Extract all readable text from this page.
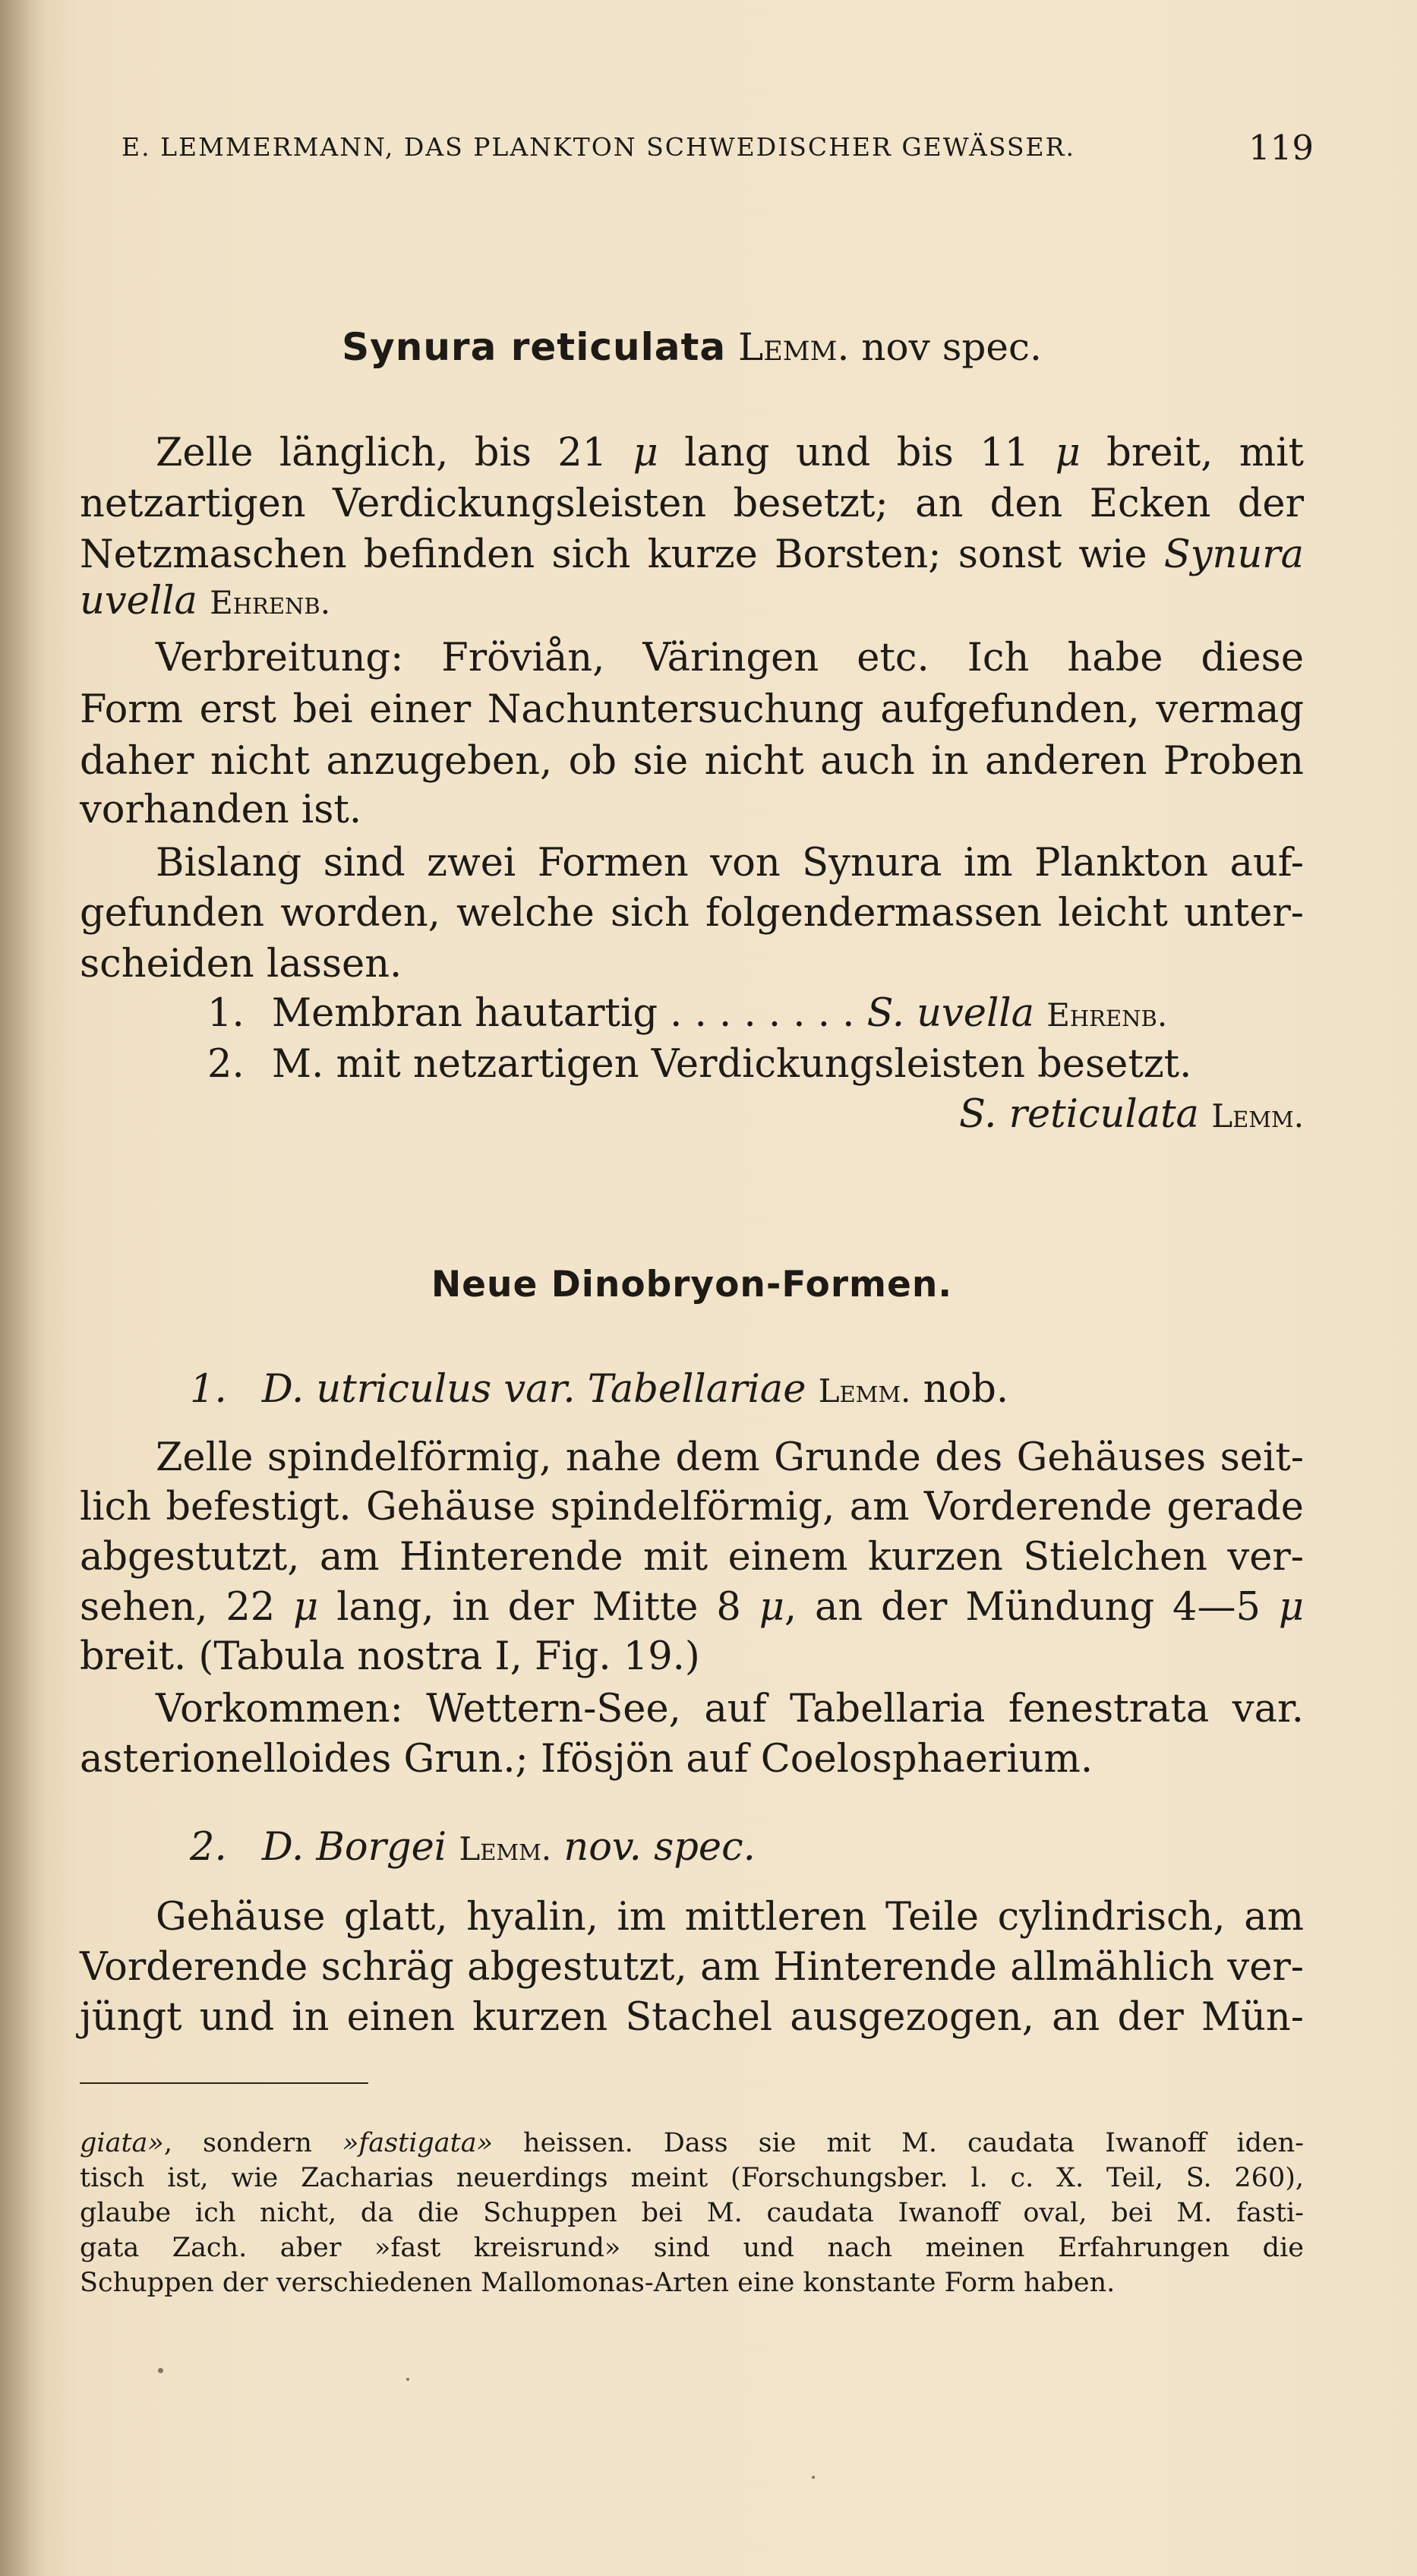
E. LEMMERMANN, DAS PLANKTON SCHWEDISCHER GEWÄSSER.	119
Synura reticulata Lemm. nov spec.
Zelle länglich, bis 21 μ lang und bis 11 μ breit, mit
netzartigen Verdickungsleisten besetzt; an den Ecken der
Netzmaschen befinden sich kurze Borsten; sonst wie Synura
uvella Ehrenb.
Verbreitung: Fröviån, Väringen etc. Ich habe diese
Form erst bei einer Nachuntersuchung aufgefunden, vermag
daher nicht anzugeben, ob sie nicht auch in anderen Proben
vorhanden ist.
Bislang sind zwei Formen von Synura im Plankton auf-
gefunden worden, welche sich folgendermassen leicht unter-
scheiden lassen.
1. Membran hautartig . . . . . . . . S. uvella Ehrenb.
2. M. mit netzartigen Verdickungsleisten besetzt.
S. reticulata Lemm.
Neue Dinobryon-Formen.
1. D. utriculus var. Tabellariae Lemm. nob.
Zelle spindelförmig, nahe dem Grunde des Gehäuses seit-
lich befestigt. Gehäuse spindelförmig, am Vorderende gerade
abgestutzt, am Hinterende mit einem kurzen Stielchen ver-
sehen, 22 μ lang, in der Mitte 8 μ, an der Mündung 4—5 μ
breit. (Tabula nostra I, Fig. 19.)
Vorkommen: Wettern-See, auf Tabellaria fenestrata var.
asterionelloides Grun.; Ifösjön auf Coelosphaerium.
2. D. Borgei Lemm. nov. spec.
Gehäuse glatt, hyalin, im mittleren Teile cylindrisch, am
Vorderende schräg abgestutzt, am Hinterende allmählich ver-
jüngt und in einen kurzen Stachel ausgezogen, an der Mün-
giata», sondern »fastigata» heissen. Dass sie mit M. caudata Iwanoff iden-
tisch ist, wie Zacharias neuerdings meint (Forschungsber. l. c. X. Teil, S. 260),
glaube ich nicht, da die Schuppen bei M. caudata Iwanoff oval, bei M. fasti-
gata Zach. aber »fast kreisrund» sind und nach meinen Erfahrungen die
Schuppen der verschiedenen Mallomonas-Arten eine konstante Form haben.
